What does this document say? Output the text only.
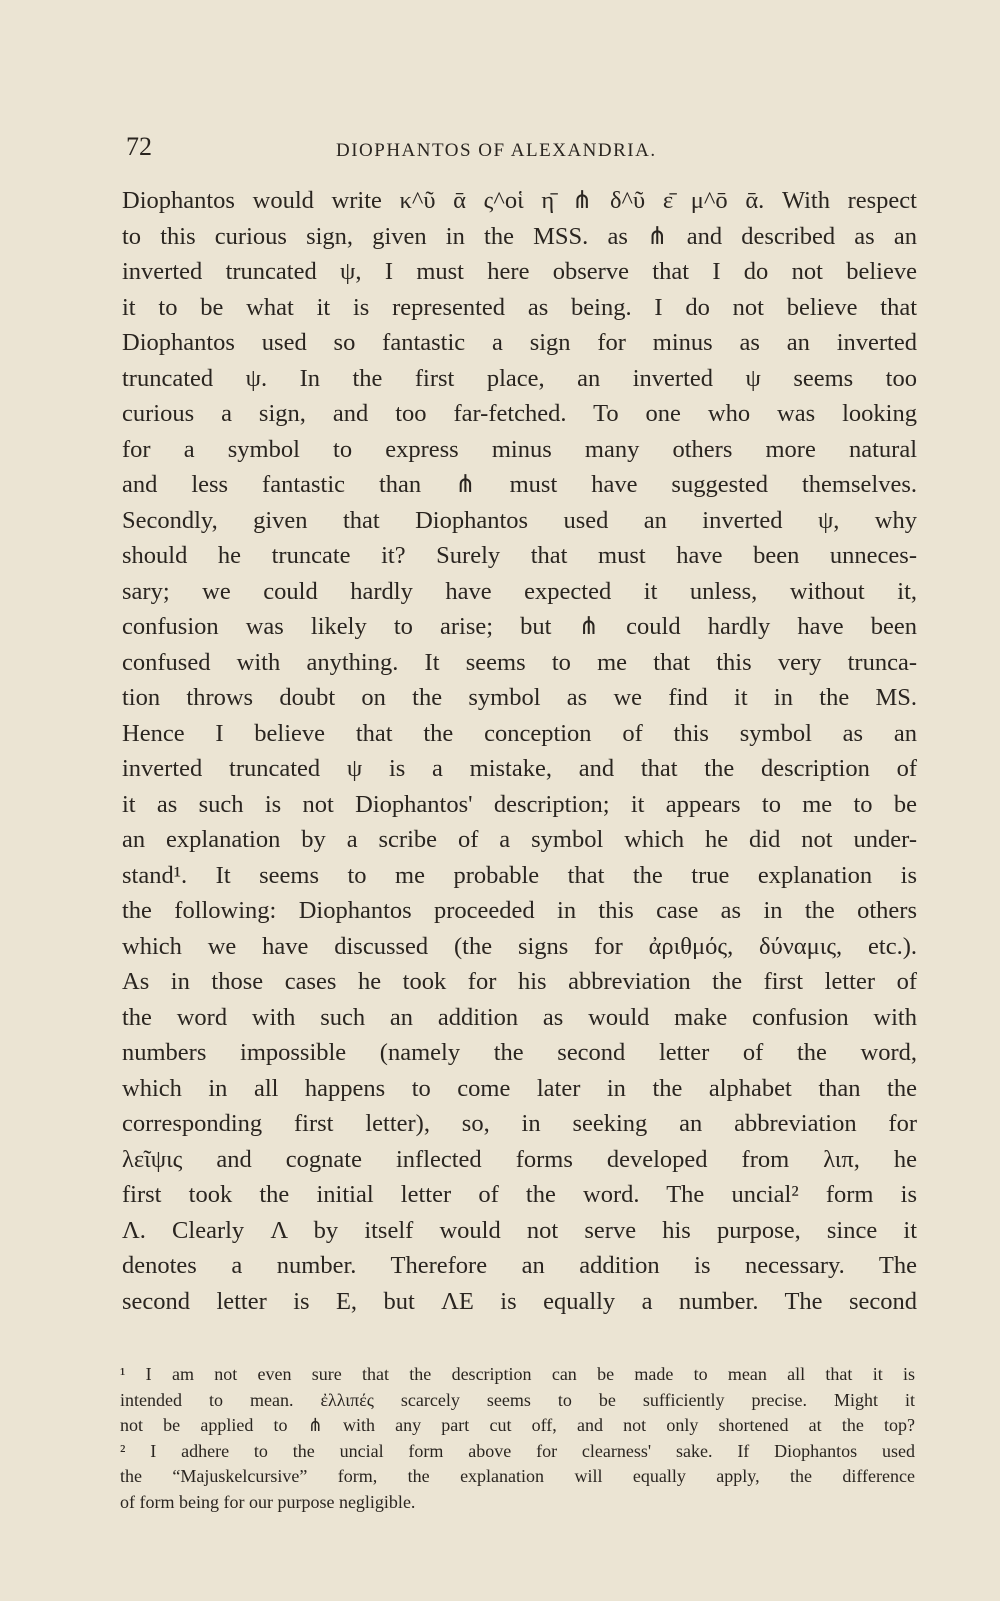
72	DIOPHANTOS OF ALEXANDRIA.
Diophantos would write κ^ῦ ᾱ ς^οἱ η̄ ⋔ δ^ῦ ε̄ μ^ō ᾱ. With respect
to this curious sign, given in the MSS. as ⋔ and described as an
inverted truncated ψ, I must here observe that I do not believe
it to be what it is represented as being. I do not believe that
Diophantos used so fantastic a sign for minus as an inverted
truncated ψ. In the first place, an inverted ψ seems too
curious a sign, and too far-fetched. To one who was looking
for a symbol to express minus many others more natural
and less fantastic than ⋔ must have suggested themselves.
Secondly, given that Diophantos used an inverted ψ, why
should he truncate it? Surely that must have been unneces-
sary; we could hardly have expected it unless, without it,
confusion was likely to arise; but ⋔ could hardly have been
confused with anything. It seems to me that this very trunca-
tion throws doubt on the symbol as we find it in the MS.
Hence I believe that the conception of this symbol as an
inverted truncated ψ is a mistake, and that the description of
it as such is not Diophantos' description; it appears to me to be
an explanation by a scribe of a symbol which he did not under-
stand¹. It seems to me probable that the true explanation is
the following: Diophantos proceeded in this case as in the others
which we have discussed (the signs for ἀριθμός, δύναμις, etc.).
As in those cases he took for his abbreviation the first letter of
the word with such an addition as would make confusion with
numbers impossible (namely the second letter of the word,
which in all happens to come later in the alphabet than the
corresponding first letter), so, in seeking an abbreviation for
λεῖψις and cognate inflected forms developed from λιπ, he
first took the initial letter of the word. The uncial² form is
Λ. Clearly Λ by itself would not serve his purpose, since it
denotes a number. Therefore an addition is necessary. The
second letter is E, but ΛE is equally a number. The second
¹ I am not even sure that the description can be made to mean all that it is
intended to mean. ἐλλιπές scarcely seems to be sufficiently precise. Might it
not be applied to ⋔ with any part cut off, and not only shortened at the top?
² I adhere to the uncial form above for clearness' sake. If Diophantos used
the “Majuskelcursive” form, the explanation will equally apply, the difference
of form being for our purpose negligible.
